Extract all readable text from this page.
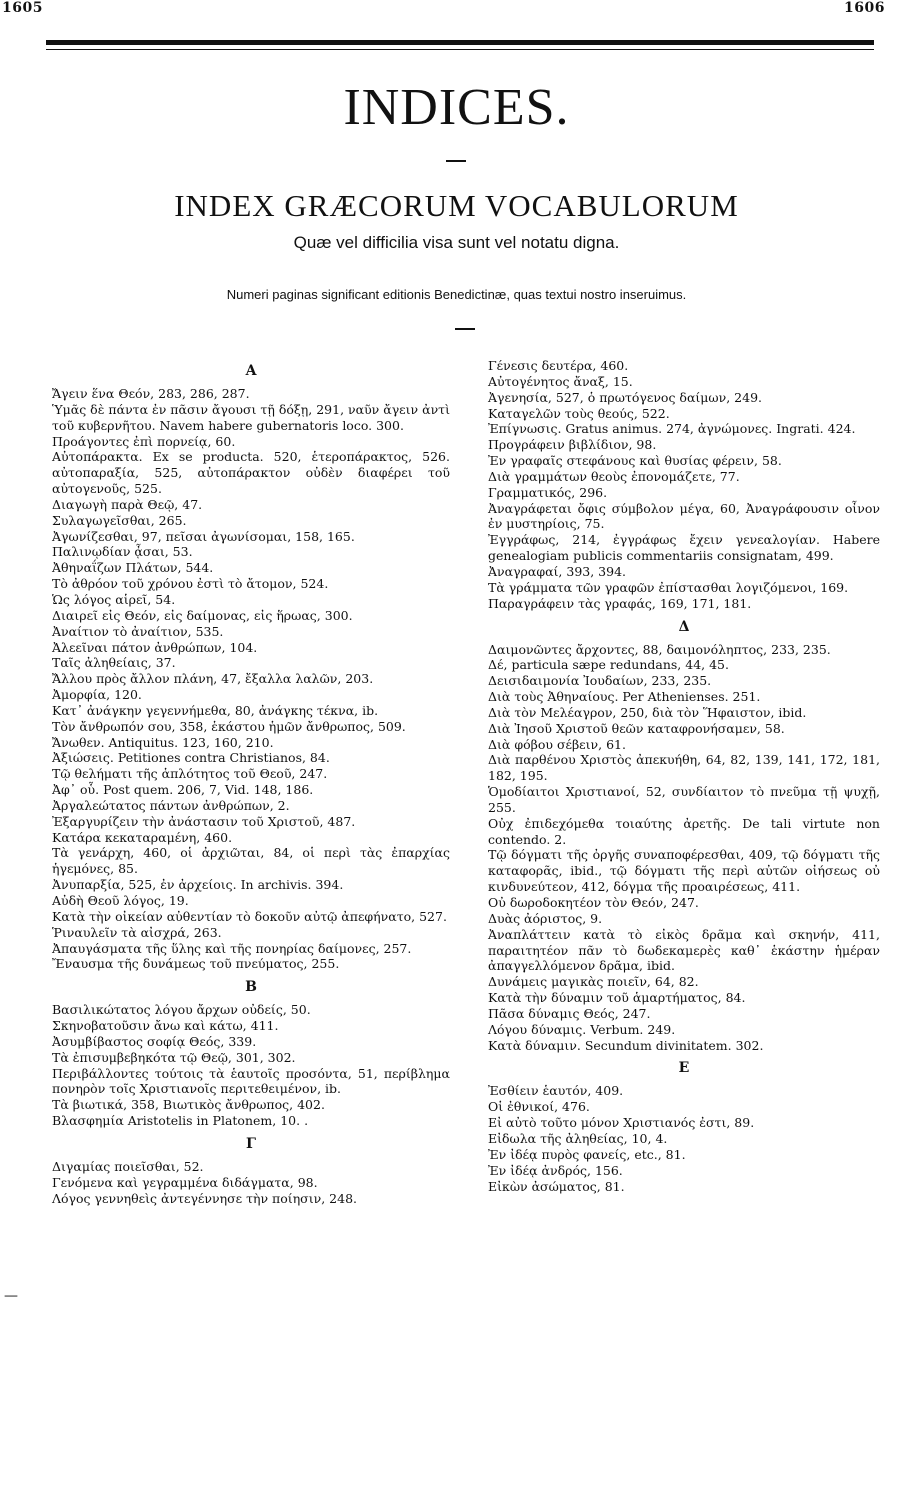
1605	1606
INDICES.
INDEX GRÆCORUM VOCABULORUM
Quæ vel difficilia visa sunt vel notatu digna.
Numeri paginas significant editionis Benedictinæ, quas textui nostro inseruimus.
—
A
Ἄγειν ἕνα Θεόν, 283, 286, 287.
Ὑμᾶς δὲ πάντα ἐν πᾶσιν ἄγουσι τῇ δόξῃ, 291, ναῦν ἄγειν ἀντὶ τοῦ κυβερνῆτου. Navem habere gubernatoris loco. 300.
Προάγοντες ἐπὶ πορνείᾳ, 60.
Αὐτοπάρακτα. Ex se producta. 520, ἑτεροπάρακτος, 526. αὐτοπαραξία, 525, αὐτοπάρακτον οὐδὲν διαφέρει τοῦ αὐτογενοῦς, 525.
Διαγωγὴ παρὰ Θεῷ, 47.
Συλαγωγεῖσθαι, 265.
Ἀγωνίζεσθαι, 97, πεῖσαι ἀγωνίσομαι, 158, 165.
Παλινῳδίαν ᾆσαι, 53.
Ἀθηναΐζων Πλάτων, 544.
Τὸ ἀθρόον τοῦ χρόνου ἐστὶ τὸ ἄτομον, 524.
Ὡς λόγος αἱρεῖ, 54.
Διαιρεῖ εἰς Θεόν, εἰς δαίμονας, εἰς ἥρωας, 300.
Ἀναίτιον τὸ ἀναίτιον, 535.
Ἀλεεῖναι πάτον ἀνθρώπων, 104.
Ταῖς ἀληθείαις, 37.
Ἄλλου πρὸς ἄλλον πλάνη, 47, ἔξαλλα λαλῶν, 203.
Ἀμορφία, 120.
Κατ᾽ ἀνάγκην γεγεννήμεθα, 80, ἀνάγκης τέκνα, ib.
Τὸν ἄνθρωπόν σου, 358, ἑκάστου ἡμῶν ἄνθρωπος, 509.
Ἄνωθεν. Antiquitus. 123, 160, 210.
Ἀξιώσεις. Petitiones contra Christianos, 84.
Τῷ θελήματι τῆς ἁπλότητος τοῦ Θεοῦ, 247.
Ἀφ᾽ οὗ. Post quem. 206, 7, Vid. 148, 186.
Ἀργαλεώτατος πάντων ἀνθρώπων, 2.
Ἐξαργυρίζειν τὴν ἀνάστασιν τοῦ Χριστοῦ, 487.
Κατάρα κεκαταραμένη, 460.
Τὰ γενάρχη, 460, οἱ ἀρχιῶται, 84, οἱ περὶ τὰς ἐπαρχίας ἡγεμόνες, 85.
Ἀνυπαρξία, 525, ἐν ἀρχείοις. In archivis. 394.
Αὐδὴ Θεοῦ λόγος, 19.
Κατὰ τὴν οἰκείαν αὐθεντίαν τὸ δοκοῦν αὐτῷ ἀπεφήνατο, 527.
Ῥιναυλεῖν τὰ αἰσχρά, 263.
Ἀπαυγάσματα τῆς ὕλης καὶ τῆς πονηρίας δαίμονες, 257.
Ἔναυσμα τῆς δυνάμεως τοῦ πνεύματος, 255.
B
Βασιλικώτατος λόγου ἄρχων οὐδείς, 50.
Σκηνοβατοῦσιν ἄνω καὶ κάτω, 411.
Ἀσυμβίβαστος σοφίᾳ Θεός, 339.
Τὰ ἐπισυμβεβηκότα τῷ Θεῷ, 301, 302.
Περιβάλλοντες τούτοις τὰ ἑαυτοῖς προσόντα, 51, περίβλημα πονηρὸν τοῖς Χριστιανοῖς περιτεθειμένον, ib.
Τὰ βιωτικά, 358, Βιωτικὸς ἄνθρωπος, 402.
Βλασφημία Aristotelis in Platonem, 10. .
Γ
Διγαμίας ποιεῖσθαι, 52.
Γενόμενα καὶ γεγραμμένα διδάγματα, 98.
Λόγος γεννηθεὶς ἀντεγέννησε τὴν ποίησιν, 248.
Γένεσις δευτέρα, 460.
Αὐτογένητος ἄναξ, 15.
Ἀγενησία, 527, ὁ πρωτόγενος δαίμων, 249.
Καταγελῶν τοὺς θεούς, 522.
Ἐπίγνωσις. Gratus animus. 274, ἀγνώμονες. Ingrati. 424.
Προγράφειν βιβλίδιον, 98.
Ἐν γραφαῖς στεφάνους καὶ θυσίας φέρειν, 58.
Διὰ γραμμάτων θεοὺς ἐπονομάζετε, 77.
Γραμματικός, 296.
Ἀναγράφεται ὄφις σύμβολον μέγα, 60, Ἀναγράφουσιν οἶνον ἐν μυστηρίοις, 75.
Ἐγγράφως, 214, ἐγγράφως ἔχειν γενεαλογίαν. Habere genealogiam publicis commentariis consignatam, 499.
Ἀναγραφαί, 393, 394.
Τὰ γράμματα τῶν γραφῶν ἐπίστασθαι λογιζόμενοι, 169.
Παραγράφειν τὰς γραφάς, 169, 171, 181.
Δ
Δαιμονῶντες ἄρχοντες, 88, δαιμονόληπτος, 233, 235.
Δέ, particula sæpe redundans, 44, 45.
Δεισιδαιμονία Ἰουδαίων, 233, 235.
Διὰ τοὺς Ἀθηναίους. Per Athenienses. 251.
Διὰ τὸν Μελέαγρον, 250, διὰ τὸν Ἥφαιστον, ibid.
Διὰ Ἰησοῦ Χριστοῦ θεῶν καταφρονήσαμεν, 58.
Διὰ φόβου σέβειν, 61.
Διὰ παρθένου Χριστὸς ἀπεκυήθη, 64, 82, 139, 141, 172, 181, 182, 195.
Ὁμοδίαιτοι Χριστιανοί, 52, συνδίαιτον τὸ πνεῦμα τῇ ψυχῇ, 255.
Οὐχ ἐπιδεχόμεθα τοιαύτης ἀρετῆς. De tali virtute non contendo. 2.
Τῷ δόγματι τῆς ὀργῆς συναποφέρεσθαι, 409, τῷ δόγματι τῆς καταφορᾶς, ibid., τῷ δόγματι τῆς περὶ αὐτῶν οἰήσεως οὐ κινδυνεύτεον, 412, δόγμα τῆς προαιρέσεως, 411.
Οὐ δωροδοκητέον τὸν Θεόν, 247.
Δυὰς ἀόριστος, 9.
Ἀναπλάττειν κατὰ τὸ εἰκὸς δρᾶμα καὶ σκηνήν, 411, παραιτητέον πᾶν τὸ δωδεκαμερὲς καθ᾽ ἑκάστην ἡμέραν ἀπαγγελλόμενον δρᾶμα, ibid.
Δυνάμεις μαγικὰς ποιεῖν, 64, 82.
Κατὰ τὴν δύναμιν τοῦ ἁμαρτήματος, 84.
Πᾶσα δύναμις Θεός, 247.
Λόγου δύναμις. Verbum. 249.
Κατὰ δύναμιν. Secundum divinitatem. 302.
E
Ἐσθίειν ἑαυτόν, 409.
Οἱ ἐθνικοί, 476.
Εἰ αὐτὸ τοῦτο μόνον Χριστιανός ἐστι, 89.
Εἰδωλα τῆς ἀληθείας, 10, 4.
Ἐν ἰδέᾳ πυρὸς φανείς, etc., 81.
Ἐν ἰδέᾳ ἀνδρός, 156.
Εἰκὼν ἀσώματος, 81.
